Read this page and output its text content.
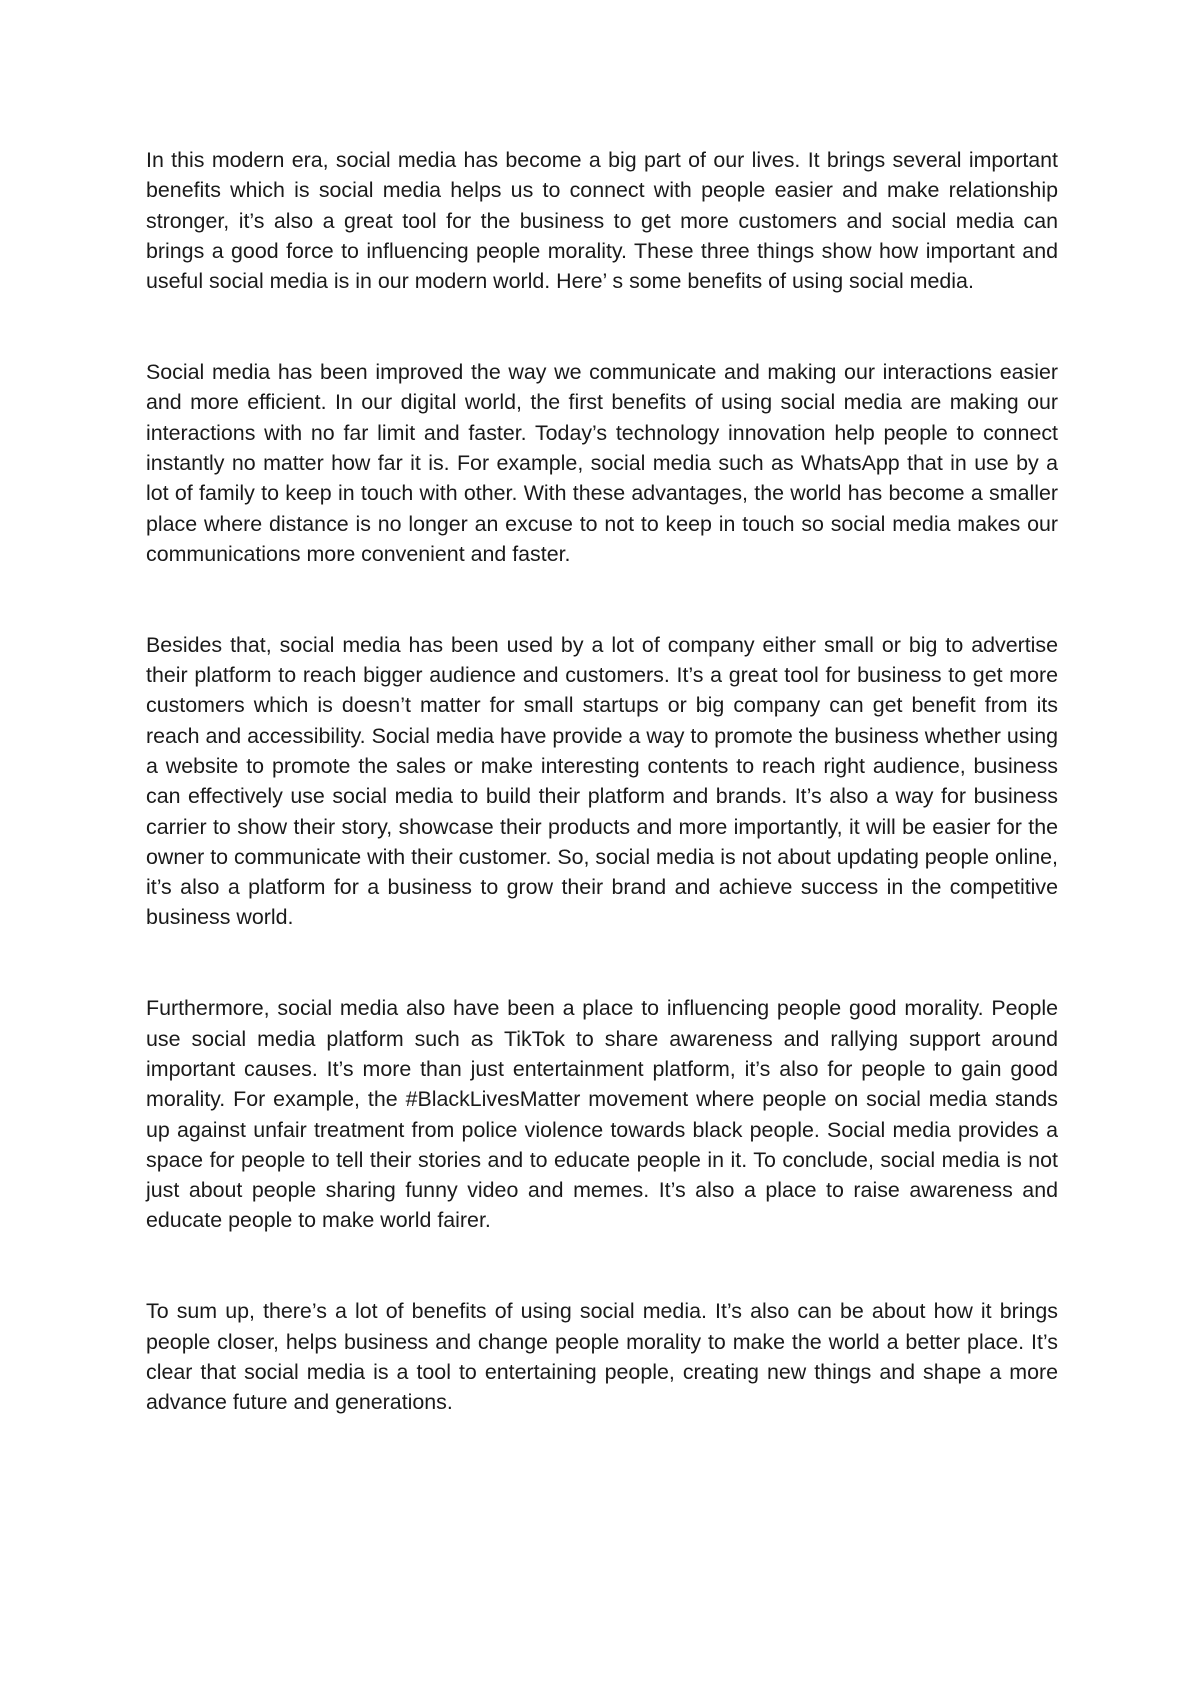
In this modern era, social media has become a big part of our lives. It brings several important benefits which is social media helps us to connect with people easier and make relationship stronger, it’s also a great tool for the business to get more customers and social media can brings a good force to influencing people morality. These three things show how important and useful social media is in our modern world. Here’ s some benefits of using social media.

Social media has been improved the way we communicate and making our interactions easier and more efficient. In our digital world, the first benefits of using social media are making our interactions with no far limit and faster. Today’s technology innovation help people to connect instantly no matter how far it is. For example, social media such as WhatsApp that in use by a lot of family to keep in touch with other. With these advantages, the world has become a smaller place where distance is no longer an excuse to not to keep in touch so social media makes our communications more convenient and faster.

Besides that, social media has been used by a lot of company either small or big to advertise their platform to reach bigger audience and customers. It’s a great tool for business to get more customers which is doesn’t matter for small startups or big company can get benefit from its reach and accessibility. Social media have provide a way to promote the business whether using a website to promote the sales or make interesting contents to reach right audience, business can effectively use social media to build their platform and brands. It’s also a way for business carrier to show their story, showcase their products and more importantly, it will be easier for the owner to communicate with their customer. So, social media is not about updating people online, it’s also a platform for a business to grow their brand and achieve success in the competitive business world.

Furthermore, social media also have been a place to influencing people good morality. People use social media platform such as TikTok to share awareness and rallying support around important causes. It’s more than just entertainment platform, it’s also for people to gain good morality. For example, the #BlackLivesMatter movement where people on social media stands up against unfair treatment from police violence towards black people. Social media provides a space for people to tell their stories and to educate people in it. To conclude, social media is not just about people sharing funny video and memes. It’s also a place to raise awareness and educate people to make world fairer.

To sum up, there’s a lot of benefits of using social media. It’s also can be about how it brings people closer, helps business and change people morality to make the world a better place. It’s clear that social media is a tool to entertaining people, creating new things and shape a more advance future and generations.
